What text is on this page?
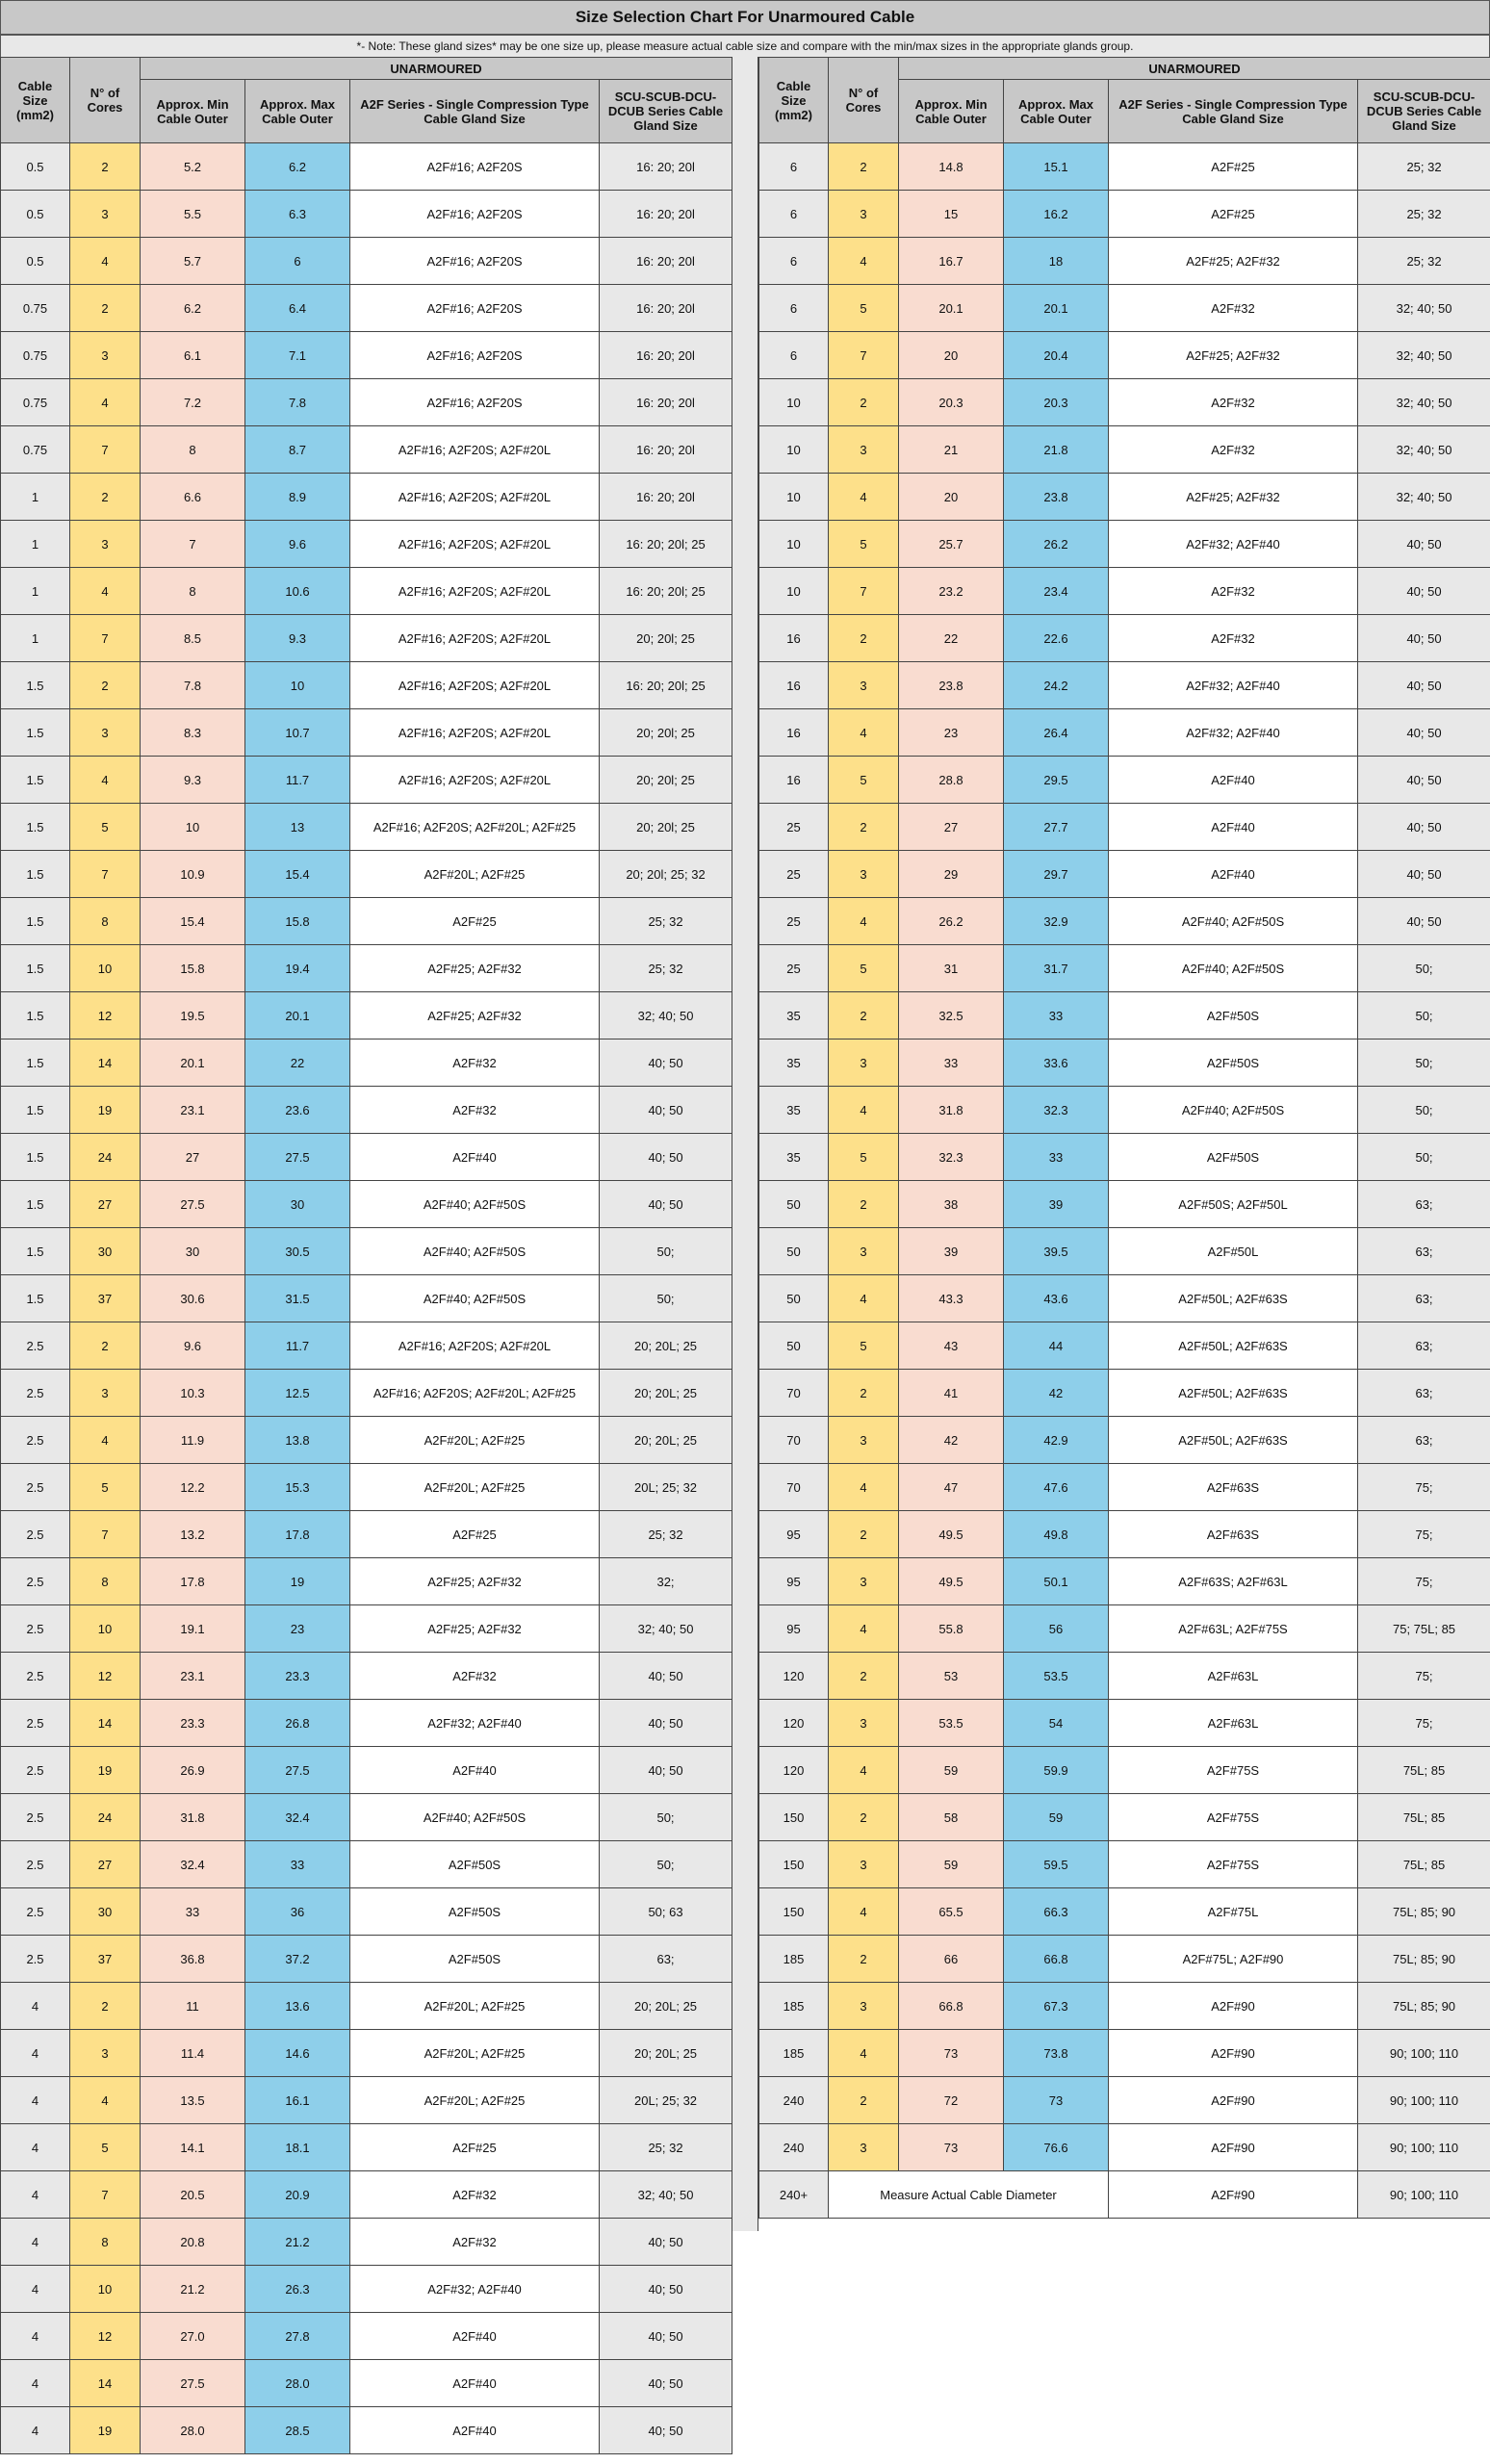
Size Selection Chart For Unarmoured Cable
*- Note: These gland sizes* may be one size up, please measure actual cable size and compare with the min/max sizes in the appropriate glands group.
Cable Size (mm2)	N° of Cores	UNARMOURED			
		Approx. Min Cable Outer	Approx. Max Cable Outer	A2F Series - Single Compression Type Cable Gland Size	SCU-SCUB-DCU-DCUB Series Cable Gland Size
0.5	2	5.2	6.2	A2F#16; A2F20S	16: 20; 20l
0.5	3	5.5	6.3	A2F#16; A2F20S	16: 20; 20l
0.5	4	5.7	6	A2F#16; A2F20S	16: 20; 20l
0.75	2	6.2	6.4	A2F#16; A2F20S	16: 20; 20l
0.75	3	6.1	7.1	A2F#16; A2F20S	16: 20; 20l
0.75	4	7.2	7.8	A2F#16; A2F20S	16: 20; 20l
0.75	7	8	8.7	A2F#16; A2F20S; A2F#20L	16: 20; 20l
1	2	6.6	8.9	A2F#16; A2F20S; A2F#20L	16: 20; 20l
1	3	7	9.6	A2F#16; A2F20S; A2F#20L	16: 20; 20l; 25
1	4	8	10.6	A2F#16; A2F20S; A2F#20L	16: 20; 20l; 25
1	7	8.5	9.3	A2F#16; A2F20S; A2F#20L	20; 20l; 25
1.5	2	7.8	10	A2F#16; A2F20S; A2F#20L	16: 20; 20l; 25
1.5	3	8.3	10.7	A2F#16; A2F20S; A2F#20L	20; 20l; 25
1.5	4	9.3	11.7	A2F#16; A2F20S; A2F#20L	20; 20l; 25
1.5	5	10	13	A2F#16; A2F20S; A2F#20L; A2F#25	20; 20l; 25
1.5	7	10.9	15.4	A2F#20L; A2F#25	20; 20l; 25; 32
1.5	8	15.4	15.8	A2F#25	25; 32
1.5	10	15.8	19.4	A2F#25; A2F#32	25; 32
1.5	12	19.5	20.1	A2F#25; A2F#32	32; 40; 50
1.5	14	20.1	22	A2F#32	40; 50
1.5	19	23.1	23.6	A2F#32	40; 50
1.5	24	27	27.5	A2F#40	40; 50
1.5	27	27.5	30	A2F#40; A2F#50S	40; 50
1.5	30	30	30.5	A2F#40; A2F#50S	50;
1.5	37	30.6	31.5	A2F#40; A2F#50S	50;
2.5	2	9.6	11.7	A2F#16; A2F20S; A2F#20L	20; 20L; 25
2.5	3	10.3	12.5	A2F#16; A2F20S; A2F#20L; A2F#25	20; 20L; 25
2.5	4	11.9	13.8	A2F#20L; A2F#25	20; 20L; 25
2.5	5	12.2	15.3	A2F#20L; A2F#25	20L; 25; 32
2.5	7	13.2	17.8	A2F#25	25; 32
2.5	8	17.8	19	A2F#25; A2F#32	32;
2.5	10	19.1	23	A2F#25; A2F#32	32; 40; 50
2.5	12	23.1	23.3	A2F#32	40; 50
2.5	14	23.3	26.8	A2F#32; A2F#40	40; 50
2.5	19	26.9	27.5	A2F#40	40; 50
2.5	24	31.8	32.4	A2F#40; A2F#50S	50;
2.5	27	32.4	33	A2F#50S	50;
2.5	30	33	36	A2F#50S	50; 63
2.5	37	36.8	37.2	A2F#50S	63;
4	2	11	13.6	A2F#20L; A2F#25	20; 20L; 25
4	3	11.4	14.6	A2F#20L; A2F#25	20; 20L; 25
4	4	13.5	16.1	A2F#20L; A2F#25	20L; 25; 32
4	5	14.1	18.1	A2F#25	25; 32
4	7	20.5	20.9	A2F#32	32; 40; 50
4	8	20.8	21.2	A2F#32	40; 50
4	10	21.2	26.3	A2F#32; A2F#40	40; 50
4	12	27.0	27.8	A2F#40	40; 50
4	14	27.5	28.0	A2F#40	40; 50
4	19	28.0	28.5	A2F#40	40; 50
Cable Size (mm2)	N° of Cores	UNARMOURED			
		Approx. Min Cable Outer	Approx. Max Cable Outer	A2F Series - Single Compression Type Cable Gland Size	SCU-SCUB-DCU-DCUB Series Cable Gland Size
6	2	14.8	15.1	A2F#25	25; 32
6	3	15	16.2	A2F#25	25; 32
6	4	16.7	18	A2F#25; A2F#32	25; 32
6	5	20.1	20.1	A2F#32	32; 40; 50
6	7	20	20.4	A2F#25; A2F#32	32; 40; 50
10	2	20.3	20.3	A2F#32	32; 40; 50
10	3	21	21.8	A2F#32	32; 40; 50
10	4	20	23.8	A2F#25; A2F#32	32; 40; 50
10	5	25.7	26.2	A2F#32; A2F#40	40; 50
10	7	23.2	23.4	A2F#32	40; 50
16	2	22	22.6	A2F#32	40; 50
16	3	23.8	24.2	A2F#32; A2F#40	40; 50
16	4	23	26.4	A2F#32; A2F#40	40; 50
16	5	28.8	29.5	A2F#40	40; 50
25	2	27	27.7	A2F#40	40; 50
25	3	29	29.7	A2F#40	40; 50
25	4	26.2	32.9	A2F#40; A2F#50S	40; 50
25	5	31	31.7	A2F#40; A2F#50S	50;
35	2	32.5	33	A2F#50S	50;
35	3	33	33.6	A2F#50S	50;
35	4	31.8	32.3	A2F#40; A2F#50S	50;
35	5	32.3	33	A2F#50S	50;
50	2	38	39	A2F#50S; A2F#50L	63;
50	3	39	39.5	A2F#50L	63;
50	4	43.3	43.6	A2F#50L; A2F#63S	63;
50	5	43	44	A2F#50L; A2F#63S	63;
70	2	41	42	A2F#50L; A2F#63S	63;
70	3	42	42.9	A2F#50L; A2F#63S	63;
70	4	47	47.6	A2F#63S	75;
95	2	49.5	49.8	A2F#63S	75;
95	3	49.5	50.1	A2F#63S; A2F#63L	75;
95	4	55.8	56	A2F#63L; A2F#75S	75; 75L; 85
120	2	53	53.5	A2F#63L	75;
120	3	53.5	54	A2F#63L	75;
120	4	59	59.9	A2F#75S	75L; 85
150	2	58	59	A2F#75S	75L; 85
150	3	59	59.5	A2F#75S	75L; 85
150	4	65.5	66.3	A2F#75L	75L; 85; 90
185	2	66	66.8	A2F#75L; A2F#90	75L; 85; 90
185	3	66.8	67.3	A2F#90	75L; 85; 90
185	4	73	73.8	A2F#90	90; 100; 110
240	2	72	73	A2F#90	90; 100; 110
240	3	73	76.6	A2F#90	90; 100; 110
240+	Measure Actual Cable Diameter			A2F#90	90; 100; 110
